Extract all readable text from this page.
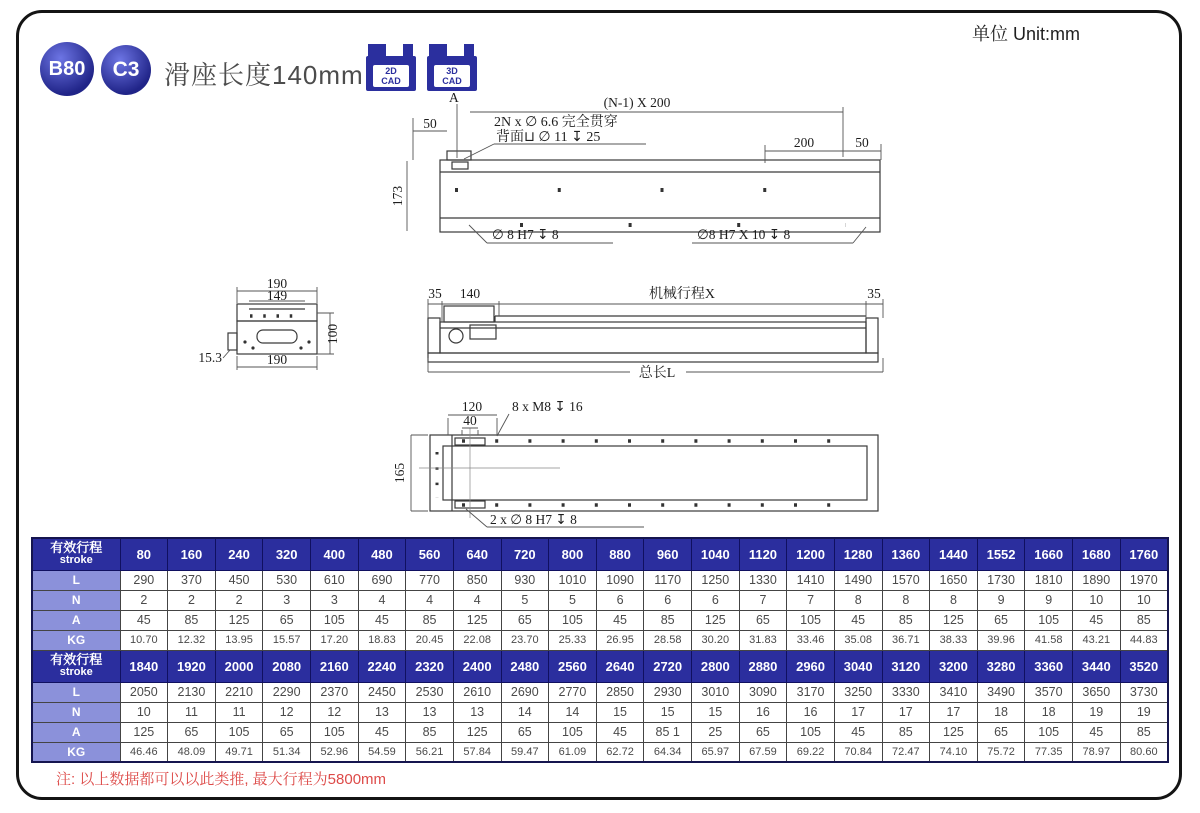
B80 C3 滑座长度140mm 2D
CAD
3D
CAD
单位 Unit:mm
A
50
(N-1) X 200
2N x ∅ 6.6 完全贯穿
背面⊔ ∅ 11 ↧ 25	200	50
173
∅ 8 H7 ↧ 8	∅8 H7 X 10 ↧ 8
190
149
100
15.3	190
35 140	机械行程X	35
总长L
120
40
8 x M8 ↧ 16
165
2 x ∅ 8 H7 ↧ 8
有效行程
stroke	80	160	240	320	400	480	560	640	720	800	880	960	1040	1120	1200	1280	1360	1440	1552	1660	1680	1760
L	290	370	450	530	610	690	770	850	930	1010	1090	1170	1250	1330	1410	1490	1570	1650	1730	1810	1890	1970
N	2	2	2	3	3	4	4	4	5	5	6	6	6	7	7	8	8	8	9	9	10	10
A	45	85	125	65	105	45	85	125	65	105	45	85	125	65	105	45	85	125	65	105	45	85
KG	10.70	12.32	13.95	15.57	17.20	18.83	20.45	22.08	23.70	25.33	26.95	28.58	30.20	31.83	33.46	35.08	36.71	38.33	39.96	41.58	43.21	44.83

有效行程
stroke	1840	1920	2000	2080	2160	2240	2320	2400	2480	2560	2640	2720	2800	2880	2960	3040	3120	3200	3280	3360	3440	3520
L	2050	2130	2210	2290	2370	2450	2530	2610	2690	2770	2850	2930	3010	3090	3170	3250	3330	3410	3490	3570	3650	3730
N	10	11	11	12	12	13	13	13	14	14	15	15	15	16	16	17	17	17	18	18	19	19
A	125	65	105	65	105	45	85	125	65	105	45	85 1	25	65	105	45	85	125	65	105	45	85
KG	46.46	48.09	49.71	51.34	52.96	54.59	56.21	57.84	59.47	61.09	62.72	64.34	65.97	67.59	69.22	70.84	72.47	74.10	75.72	77.35	78.97	80.60
注: 以上数据都可以以此类推, 最大行程为5800mm
